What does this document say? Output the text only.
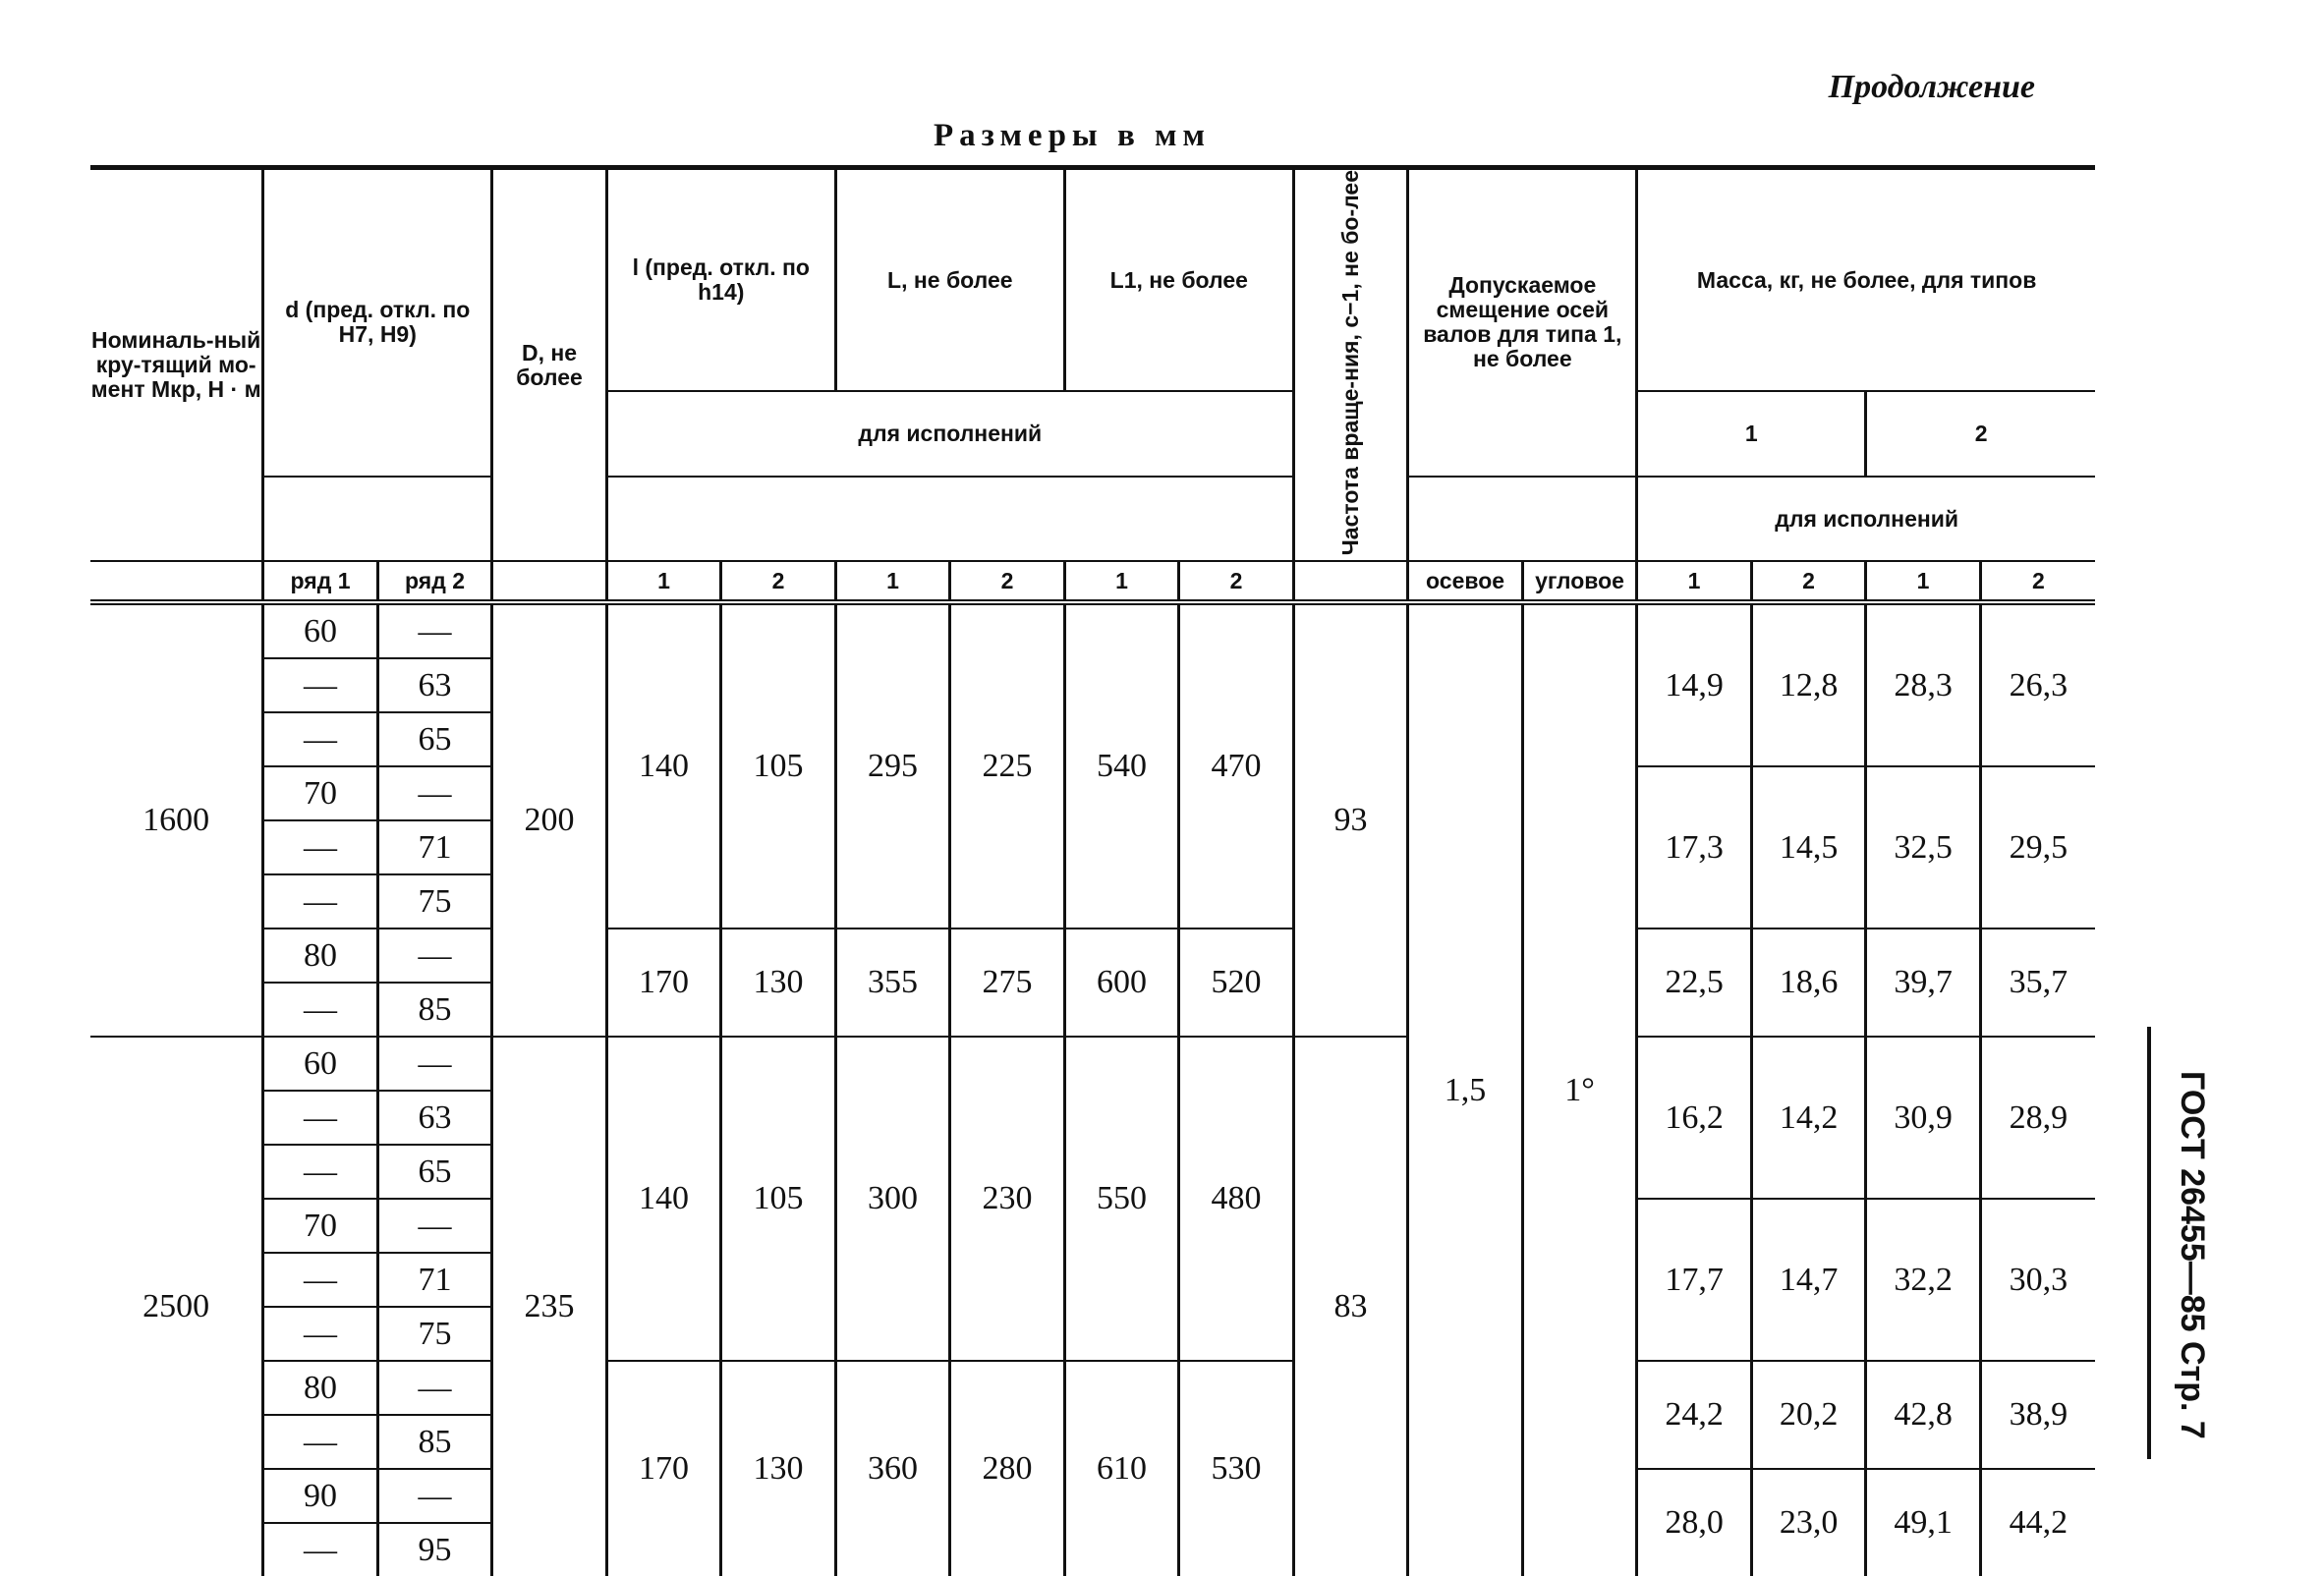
Продолжение
Размеры в мм
Номиналь-ный кру-тящий мо-мент Mкр, Н · м	d (пред. откл. по H7, H9)		D, не более	l (пред. откл. по h14)		L, не более		L1, не более		Частота враще-ния, с−1, не бо-лее	Допускаемое смещение осей валов для типа 1, не более		Масса, кг, не более, для типов			
				для исполнений									1		2	
													для исполнений			
	ряд 1	ряд 2		1	2	1	2	1	2		осевое	угловое	1	2	1	2
1600	60	—	200	140	105	295	225	540	470	93	1,5	1°	14,9	12,8	28,3	26,3
	—	63														
	—	65														
	70	—											17,3	14,5	32,5	29,5
	—	71														
	—	75														
	80	—		170	130	355	275	600	520				22,5	18,6	39,7	35,7
	—	85														
2500	60	—	235	140	105	300	230	550	480	83			16,2	14,2	30,9	28,9
	—	63														
	—	65														
	70	—											17,7	14,7	32,2	30,3
	—	71														
	—	75														
	80	—		170	130	360	280	610	530				24,2	20,2	42,8	38,9
	—	85														
	90	—											28,0	23,0	49,1	44,2
	—	95														
ГОСТ 26455—85 Стр. 7
